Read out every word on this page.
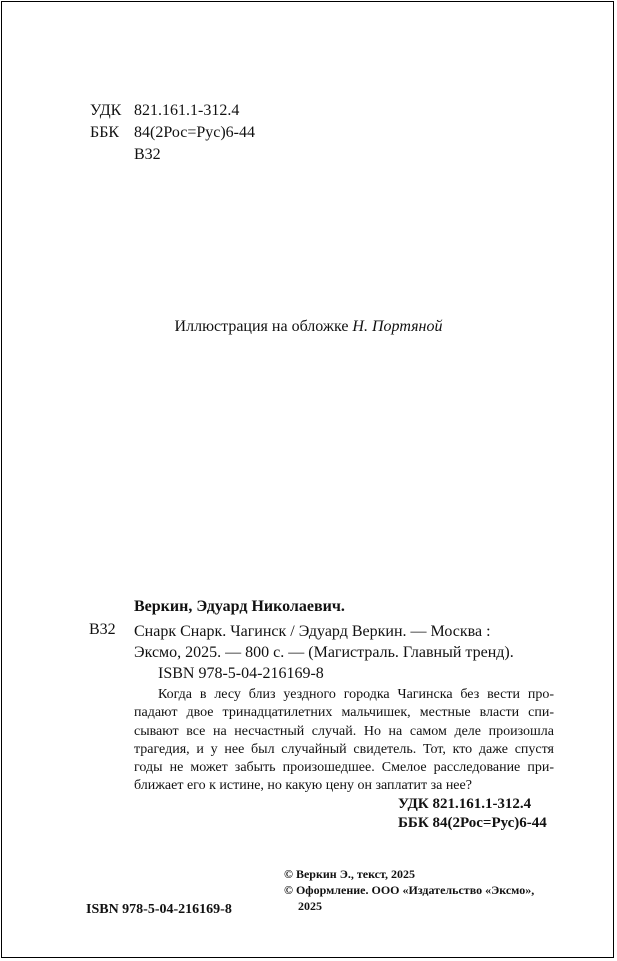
УДК 821.161.1-312.4
ББК 84(2Рос=Рус)6-44
В32
Иллюстрация на обложке Н. Портяной
Веркин, Эдуард Николаевич.
В32 Снарк Снарк. Чагинск / Эдуард Веркин. — Москва :
Эксмо, 2025. — 800 с. — (Магистраль. Главный тренд).
ISBN 978-5-04-216169-8
Когда в лесу близ уездного городка Чагинска без вести про-
падают двое тринадцатилетних мальчишек, местные власти спи-
сывают все на несчастный случай. Но на самом деле произошла
трагедия, и у нее был случайный свидетель. Тот, кто даже спустя
годы не может забыть произошедшее. Смелое расследование при-
ближает его к истине, но какую цену он заплатит за нее?
УДК 821.161.1-312.4
ББК 84(2Рос=Рус)6-44
© Веркин Э., текст, 2025
© Оформление. ООО «Издательство «Эксмо»,
2025
ISBN 978-5-04-216169-8
